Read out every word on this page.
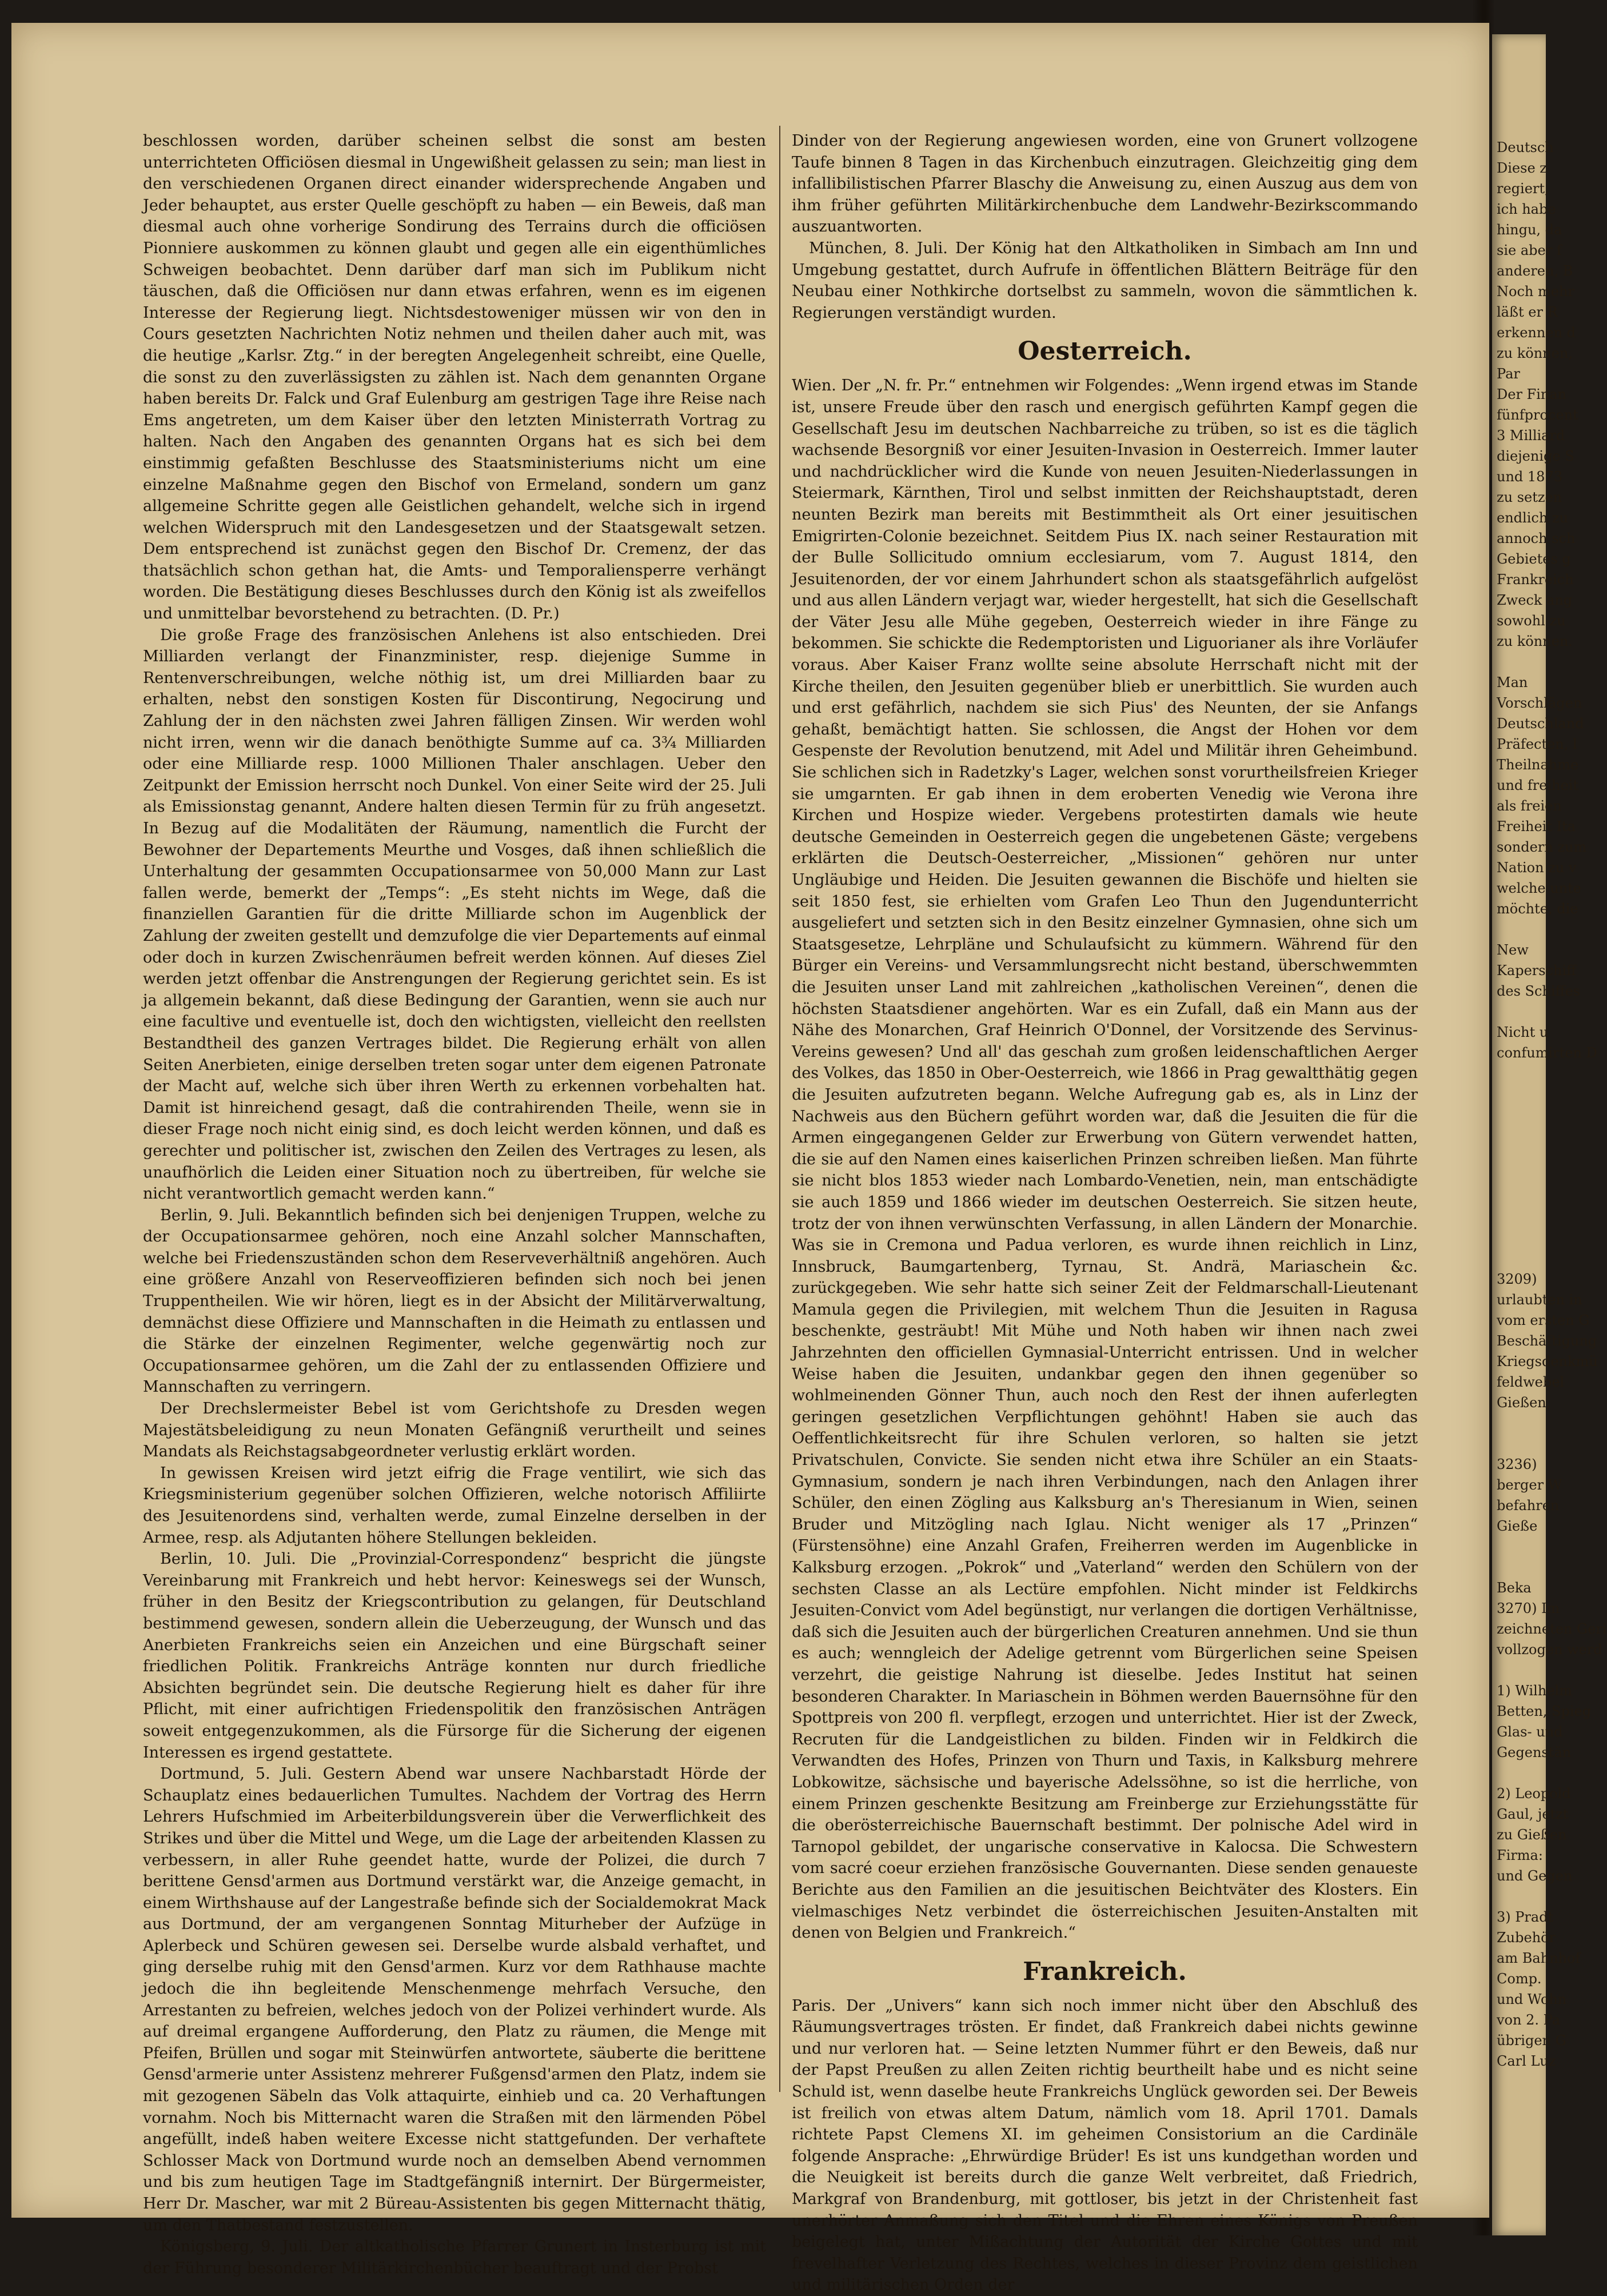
beschlossen worden, darüber scheinen selbst die sonst am besten unterrichteten Officiösen diesmal in Ungewißheit gelassen zu sein; man liest in den verschiedenen Organen direct einander widersprechende Angaben und Jeder behauptet, aus erster Quelle geschöpft zu haben — ein Beweis, daß man diesmal auch ohne vorherige Sondirung des Terrains durch die officiösen Pionniere auskommen zu können glaubt und gegen alle ein eigenthümliches Schweigen beobachtet. Denn darüber darf man sich im Publikum nicht täuschen, daß die Officiösen nur dann etwas erfahren, wenn es im eigenen Interesse der Regierung liegt. Nichtsdestoweniger müssen wir von den in Cours gesetzten Nachrichten Notiz nehmen und theilen daher auch mit, was die heutige „Karlsr. Ztg.“ in der beregten Angelegenheit schreibt, eine Quelle, die sonst zu den zuverlässigsten zu zählen ist. Nach dem genannten Organe haben bereits Dr. Falck und Graf Eulenburg am gestrigen Tage ihre Reise nach Ems angetreten, um dem Kaiser über den letzten Ministerrath Vortrag zu halten. Nach den Angaben des genannten Organs hat es sich bei dem einstimmig gefaßten Beschlusse des Staatsministeriums nicht um eine einzelne Maßnahme gegen den Bischof von Ermeland, sondern um ganz allgemeine Schritte gegen alle Geistlichen gehandelt, welche sich in irgend welchen Widerspruch mit den Landesgesetzen und der Staatsgewalt setzen. Dem entsprechend ist zunächst gegen den Bischof Dr. Cremenz, der das thatsächlich schon gethan hat, die Amts- und Temporaliensperre verhängt worden. Die Bestätigung dieses Beschlusses durch den König ist als zweifellos und unmittelbar bevorstehend zu betrachten. (D. Pr.)

Die große Frage des französischen Anlehens ist also entschieden. Drei Milliarden verlangt der Finanzminister, resp. diejenige Summe in Rentenverschreibungen, welche nöthig ist, um drei Milliarden baar zu erhalten, nebst den sonstigen Kosten für Discontirung, Negocirung und Zahlung der in den nächsten zwei Jahren fälligen Zinsen. Wir werden wohl nicht irren, wenn wir die danach benöthigte Summe auf ca. 3¾ Milliarden oder eine Milliarde resp. 1000 Millionen Thaler anschlagen. Ueber den Zeitpunkt der Emission herrscht noch Dunkel. Von einer Seite wird der 25. Juli als Emissionstag genannt, Andere halten diesen Termin für zu früh angesetzt. In Bezug auf die Modalitäten der Räumung, namentlich die Furcht der Bewohner der Departements Meurthe und Vosges, daß ihnen schließlich die Unterhaltung der gesammten Occupationsarmee von 50,000 Mann zur Last fallen werde, bemerkt der „Temps“: „Es steht nichts im Wege, daß die finanziellen Garantien für die dritte Milliarde schon im Augenblick der Zahlung der zweiten gestellt und demzufolge die vier Departements auf einmal oder doch in kurzen Zwischenräumen befreit werden können. Auf dieses Ziel werden jetzt offenbar die Anstrengungen der Regierung gerichtet sein. Es ist ja allgemein bekannt, daß diese Bedingung der Garantien, wenn sie auch nur eine facultive und eventuelle ist, doch den wichtigsten, vielleicht den reellsten Bestandtheil des ganzen Vertrages bildet. Die Regierung erhält von allen Seiten Anerbieten, einige derselben treten sogar unter dem eigenen Patronate der Macht auf, welche sich über ihren Werth zu erkennen vorbehalten hat. Damit ist hinreichend gesagt, daß die contrahirenden Theile, wenn sie in dieser Frage noch nicht einig sind, es doch leicht werden können, und daß es gerechter und politischer ist, zwischen den Zeilen des Vertrages zu lesen, als unaufhörlich die Leiden einer Situation noch zu übertreiben, für welche sie nicht verantwortlich gemacht werden kann.“

Berlin, 9. Juli. Bekanntlich befinden sich bei denjenigen Truppen, welche zu der Occupationsarmee gehören, noch eine Anzahl solcher Mannschaften, welche bei Friedenszuständen schon dem Reserveverhältniß angehören. Auch eine größere Anzahl von Reserveoffizieren befinden sich noch bei jenen Truppentheilen. Wie wir hören, liegt es in der Absicht der Militärverwaltung, demnächst diese Offiziere und Mannschaften in die Heimath zu entlassen und die Stärke der einzelnen Regimenter, welche gegenwärtig noch zur Occupationsarmee gehören, um die Zahl der zu entlassenden Offiziere und Mannschaften zu verringern.

Der Drechslermeister Bebel ist vom Gerichtshofe zu Dresden wegen Majestätsbeleidigung zu neun Monaten Gefängniß verurtheilt und seines Mandats als Reichstagsabgeordneter verlustig erklärt worden.

In gewissen Kreisen wird jetzt eifrig die Frage ventilirt, wie sich das Kriegsministerium gegenüber solchen Offizieren, welche notorisch Affiliirte des Jesuitenordens sind, verhalten werde, zumal Einzelne derselben in der Armee, resp. als Adjutanten höhere Stellungen bekleiden.

Berlin, 10. Juli. Die „Provinzial-Correspondenz“ bespricht die jüngste Vereinbarung mit Frankreich und hebt hervor: Keineswegs sei der Wunsch, früher in den Besitz der Kriegscontribution zu gelangen, für Deutschland bestimmend gewesen, sondern allein die Ueberzeugung, der Wunsch und das Anerbieten Frankreichs seien ein Anzeichen und eine Bürgschaft seiner friedlichen Politik. Frankreichs Anträge konnten nur durch friedliche Absichten begründet sein. Die deutsche Regierung hielt es daher für ihre Pflicht, mit einer aufrichtigen Friedenspolitik den französischen Anträgen soweit entgegenzukommen, als die Fürsorge für die Sicherung der eigenen Interessen es irgend gestattete.

Dortmund, 5. Juli. Gestern Abend war unsere Nachbarstadt Hörde der Schauplatz eines bedauerlichen Tumultes. Nachdem der Vortrag des Herrn Lehrers Hufschmied im Arbeiterbildungsverein über die Verwerflichkeit des Strikes und über die Mittel und Wege, um die Lage der arbeitenden Klassen zu verbessern, in aller Ruhe geendet hatte, wurde der Polizei, die durch 7 berittene Gensd'armen aus Dortmund verstärkt war, die Anzeige gemacht, in einem Wirthshause auf der Langestraße befinde sich der Socialdemokrat Mack aus Dortmund, der am vergangenen Sonntag Miturheber der Aufzüge in Aplerbeck und Schüren gewesen sei. Derselbe wurde alsbald verhaftet, und ging derselbe ruhig mit den Gensd'armen. Kurz vor dem Rathhause machte jedoch die ihn begleitende Menschenmenge mehrfach Versuche, den Arrestanten zu befreien, welches jedoch von der Polizei verhindert wurde. Als auf dreimal ergangene Aufforderung, den Platz zu räumen, die Menge mit Pfeifen, Brüllen und sogar mit Steinwürfen antwortete, säuberte die berittene Gensd'armerie unter Assistenz mehrerer Fußgensd'armen den Platz, indem sie mit gezogenen Säbeln das Volk attaquirte, einhieb und ca. 20 Verhaftungen vornahm. Noch bis Mitternacht waren die Straßen mit den lärmenden Pöbel angefüllt, indeß haben weitere Excesse nicht stattgefunden. Der verhaftete Schlosser Mack von Dortmund wurde noch an demselben Abend vernommen und bis zum heutigen Tage im Stadtgefängniß internirt. Der Bürgermeister, Herr Dr. Mascher, war mit 2 Büreau-Assistenten bis gegen Mitternacht thätig, um den Thatbestand festzustellen.

Königsberg, 9. Juli. Der altkatholische Pfarrer Grunert in Insterburg ist mit der Führung besonderer Militärkirchenbücher beauftragt und der Probst

Dinder von der Regierung angewiesen worden, eine von Grunert vollzogene Taufe binnen 8 Tagen in das Kirchenbuch einzutragen. Gleichzeitig ging dem infallibilistischen Pfarrer Blaschy die Anweisung zu, einen Auszug aus dem von ihm früher geführten Militärkirchenbuche dem Landwehr-Bezirkscommando auszuantworten.

München, 8. Juli. Der König hat den Altkatholiken in Simbach am Inn und Umgebung gestattet, durch Aufrufe in öffentlichen Blättern Beiträge für den Neubau einer Nothkirche dortselbst zu sammeln, wovon die sämmtlichen k. Regierungen verständigt wurden.

Oesterreich.

Wien. Der „N. fr. Pr.“ entnehmen wir Folgendes: „Wenn irgend etwas im Stande ist, unsere Freude über den rasch und energisch geführten Kampf gegen die Gesellschaft Jesu im deutschen Nachbarreiche zu trüben, so ist es die täglich wachsende Besorgniß vor einer Jesuiten-Invasion in Oesterreich. Immer lauter und nachdrücklicher wird die Kunde von neuen Jesuiten-Niederlassungen in Steiermark, Kärnthen, Tirol und selbst inmitten der Reichshauptstadt, deren neunten Bezirk man bereits mit Bestimmtheit als Ort einer jesuitischen Emigrirten-Colonie bezeichnet. Seitdem Pius IX. nach seiner Restauration mit der Bulle Sollicitudo omnium ecclesiarum, vom 7. August 1814, den Jesuitenorden, der vor einem Jahrhundert schon als staatsgefährlich aufgelöst und aus allen Ländern verjagt war, wieder hergestellt, hat sich die Gesellschaft der Väter Jesu alle Mühe gegeben, Oesterreich wieder in ihre Fänge zu bekommen. Sie schickte die Redemptoristen und Liguorianer als ihre Vorläufer voraus. Aber Kaiser Franz wollte seine absolute Herrschaft nicht mit der Kirche theilen, den Jesuiten gegenüber blieb er unerbittlich. Sie wurden auch und erst gefährlich, nachdem sie sich Pius' des Neunten, der sie Anfangs gehaßt, bemächtigt hatten. Sie schlossen, die Angst der Hohen vor dem Gespenste der Revolution benutzend, mit Adel und Militär ihren Geheimbund. Sie schlichen sich in Radetzky's Lager, welchen sonst vorurtheilsfreien Krieger sie umgarnten. Er gab ihnen in dem eroberten Venedig wie Verona ihre Kirchen und Hospize wieder. Vergebens protestirten damals wie heute deutsche Gemeinden in Oesterreich gegen die ungebetenen Gäste; vergebens erklärten die Deutsch-Oesterreicher, „Missionen“ gehören nur unter Ungläubige und Heiden. Die Jesuiten gewannen die Bischöfe und hielten sie seit 1850 fest, sie erhielten vom Grafen Leo Thun den Jugendunterricht ausgeliefert und setzten sich in den Besitz einzelner Gymnasien, ohne sich um Staatsgesetze, Lehrpläne und Schulaufsicht zu kümmern. Während für den Bürger ein Vereins- und Versammlungsrecht nicht bestand, überschwemmten die Jesuiten unser Land mit zahlreichen „katholischen Vereinen“, denen die höchsten Staatsdiener angehörten. War es ein Zufall, daß ein Mann aus der Nähe des Monarchen, Graf Heinrich O'Donnel, der Vorsitzende des Servinus-Vereins gewesen? Und all' das geschah zum großen leidenschaftlichen Aerger des Volkes, das 1850 in Ober-Oesterreich, wie 1866 in Prag gewaltthätig gegen die Jesuiten aufzutreten begann. Welche Aufregung gab es, als in Linz der Nachweis aus den Büchern geführt worden war, daß die Jesuiten die für die Armen eingegangenen Gelder zur Erwerbung von Gütern verwendet hatten, die sie auf den Namen eines kaiserlichen Prinzen schreiben ließen. Man führte sie nicht blos 1853 wieder nach Lombardo-Venetien, nein, man entschädigte sie auch 1859 und 1866 wieder im deutschen Oesterreich. Sie sitzen heute, trotz der von ihnen verwünschten Verfassung, in allen Ländern der Monarchie. Was sie in Cremona und Padua verloren, es wurde ihnen reichlich in Linz, Innsbruck, Baumgartenberg, Tyrnau, St. Andrä, Mariaschein &c. zurückgegeben. Wie sehr hatte sich seiner Zeit der Feldmarschall-Lieutenant Mamula gegen die Privilegien, mit welchem Thun die Jesuiten in Ragusa beschenkte, gesträubt! Mit Mühe und Noth haben wir ihnen nach zwei Jahrzehnten den officiellen Gymnasial-Unterricht entrissen. Und in welcher Weise haben die Jesuiten, undankbar gegen den ihnen gegenüber so wohlmeinenden Gönner Thun, auch noch den Rest der ihnen auferlegten geringen gesetzlichen Verpflichtungen gehöhnt! Haben sie auch das Oeffentlichkeitsrecht für ihre Schulen verloren, so halten sie jetzt Privatschulen, Convicte. Sie senden nicht etwa ihre Schüler an ein Staats-Gymnasium, sondern je nach ihren Verbindungen, nach den Anlagen ihrer Schüler, den einen Zögling aus Kalksburg an's Theresianum in Wien, seinen Bruder und Mitzögling nach Iglau. Nicht weniger als 17 „Prinzen“ (Fürstensöhne) eine Anzahl Grafen, Freiherren werden im Augenblicke in Kalksburg erzogen. „Pokrok“ und „Vaterland“ werden den Schülern von der sechsten Classe an als Lectüre empfohlen. Nicht minder ist Feldkirchs Jesuiten-Convict vom Adel begünstigt, nur verlangen die dortigen Verhältnisse, daß sich die Jesuiten auch der bürgerlichen Creaturen annehmen. Und sie thun es auch; wenngleich der Adelige getrennt vom Bürgerlichen seine Speisen verzehrt, die geistige Nahrung ist dieselbe. Jedes Institut hat seinen besonderen Charakter. In Mariaschein in Böhmen werden Bauernsöhne für den Spottpreis von 200 fl. verpflegt, erzogen und unterrichtet. Hier ist der Zweck, Recruten für die Landgeistlichen zu bilden. Finden wir in Feldkirch die Verwandten des Hofes, Prinzen von Thurn und Taxis, in Kalksburg mehrere Lobkowitze, sächsische und bayerische Adelssöhne, so ist die herrliche, von einem Prinzen geschenkte Besitzung am Freinberge zur Erziehungsstätte für die oberösterreichische Bauernschaft bestimmt. Der polnische Adel wird in Tarnopol gebildet, der ungarische conservative in Kalocsa. Die Schwestern vom sacré coeur erziehen französische Gouvernanten. Diese senden genaueste Berichte aus den Familien an die jesuitischen Beichtväter des Klosters. Ein vielmaschiges Netz verbindet die österreichischen Jesuiten-Anstalten mit denen von Belgien und Frankreich.“

Frankreich.

Paris. Der „Univers“ kann sich noch immer nicht über den Abschluß des Räumungsvertrages trösten. Er findet, daß Frankreich dabei nichts gewinne und nur verloren hat. — Seine letzten Nummer führt er den Beweis, daß nur der Papst Preußen zu allen Zeiten richtig beurtheilt habe und es nicht seine Schuld ist, wenn daselbe heute Frankreichs Unglück geworden sei. Der Beweis ist freilich von etwas altem Datum, nämlich vom 18. April 1701. Damals richtete Papst Clemens XI. im geheimen Consistorium an die Cardinäle folgende Ansprache: „Ehrwürdige Brüder! Es ist uns kundgethan worden und die Neuigkeit ist bereits durch die ganze Welt verbreitet, daß Friedrich, Markgraf von Brandenburg, mit gottloser, bis jetzt in der Christenheit fast unerhörter Anmaßung sich den Titel und die Ehren eines Königs von Preußen beigelegt hat, unter Mißachtung der Autorität der Kirche Gottes und mit frevelhafter Verletzung des Rechtes, welches in dieser Provinz dem geistlichen und militärischen Orden der

Deutsch
Diese z
regiert,
ich habe
hingu, da
sie aber f
anderen, B
Noch mehr
läßt er R
erkennen d
zu können,
Par
Der Finan
fünfprocent
3 Milliard
diejenige S
und 1873
zu setzen
endlich zu
annoch sch
Gebietes g
Frankreich
Zweck ang
sowohl zu
zu können.
Man
Vorschlägen
Deutschland
Präfecten, l
Theilnahme
und freiheit
als freien
Freiheit Ita
sondern zum
Nation zu v
welche unte
möchte, die
New
Kaperschiff
des Schiffes
Nicht u
confumirten D
3209)
urlaubten in
vom ersten G
Beschäftigung
Kriegsdenkmü
feldwebel
Gießen,
3236)
berger W
befahren
Gieße
Beka
3270) Im
zeichneten Geri
vollzogen werd
1) Wilhelm
Betten, Spieg
Glas- und
Gegenstän
2) Leopold
Gaul, jetzt
zu Gießen
Firma:
und Gegen
3) Pradt
Zubehör
am Bahnhof
Comp.
und Wohn
von 2. Pa
übrigen G
Carl Luz
